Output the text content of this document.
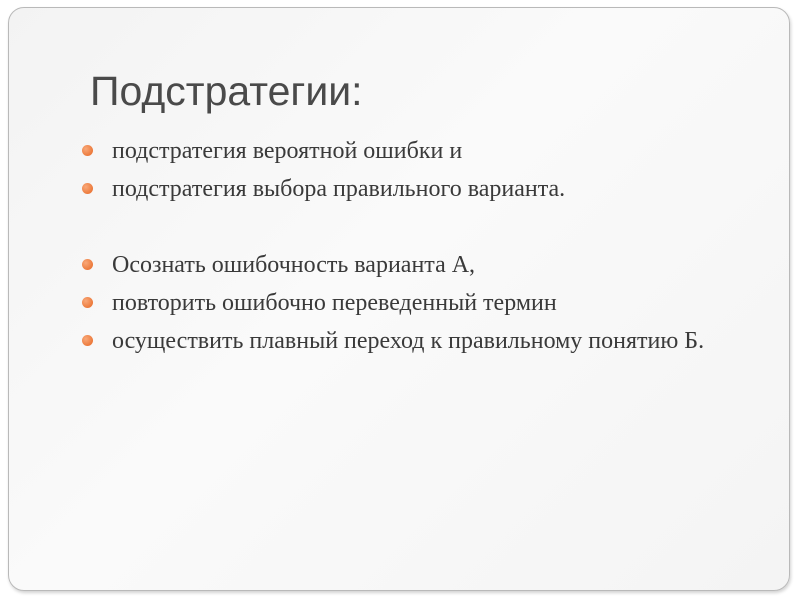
Подстратегии:
подстратегия вероятной ошибки и
подстратегия выбора правильного варианта.
Осознать ошибочность варианта А,
повторить ошибочно переведенный термин
осуществить плавный переход к правильному понятию Б.
